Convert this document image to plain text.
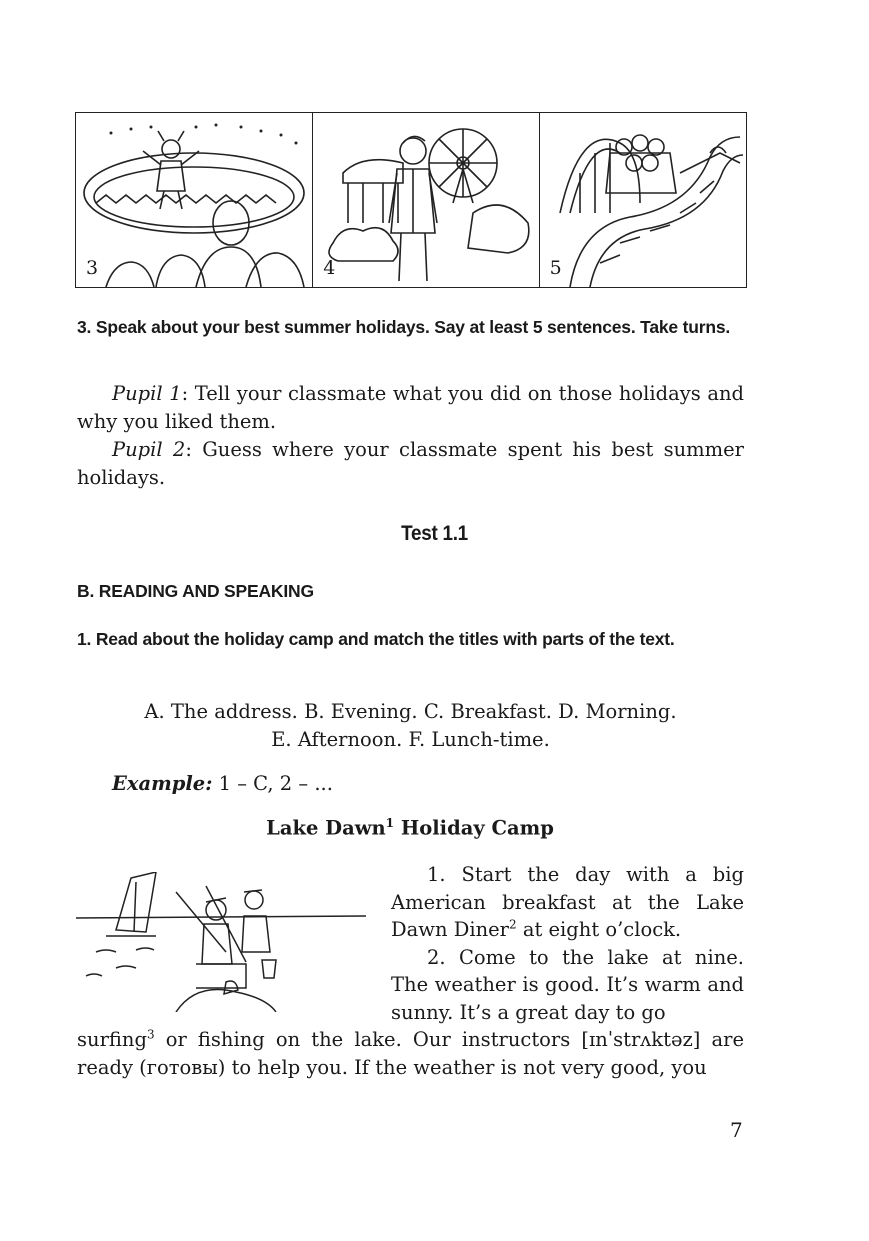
3	4	5
3. Speak about your best summer holidays. Say at least 5 sentences. Take turns.
Pupil 1: Tell your classmate what you did on those holidays and why you liked them.
Pupil 2: Guess where your classmate spent his best summer holidays.
Test 1.1
B. READING AND SPEAKING
1. Read about the holiday camp and match the titles with parts of the text.
A. The address. B. Evening. C. Breakfast. D. Morning.
E. Afternoon. F. Lunch-time.
Example: 1 – C, 2 – ...
Lake Dawn$^1$ Holiday Camp

1. Start the day with a big American breakfast at the Lake Dawn Diner$^2$ at eight o’clock.

2. Come to the lake at nine. The weather is good. It’s warm and sunny. It’s a great day to go

surfing$^3$ or fishing on the lake. Our instructors [ɪnˈstrʌktəz] are ready (готовы) to help you. If the weather is not very good, you

7
